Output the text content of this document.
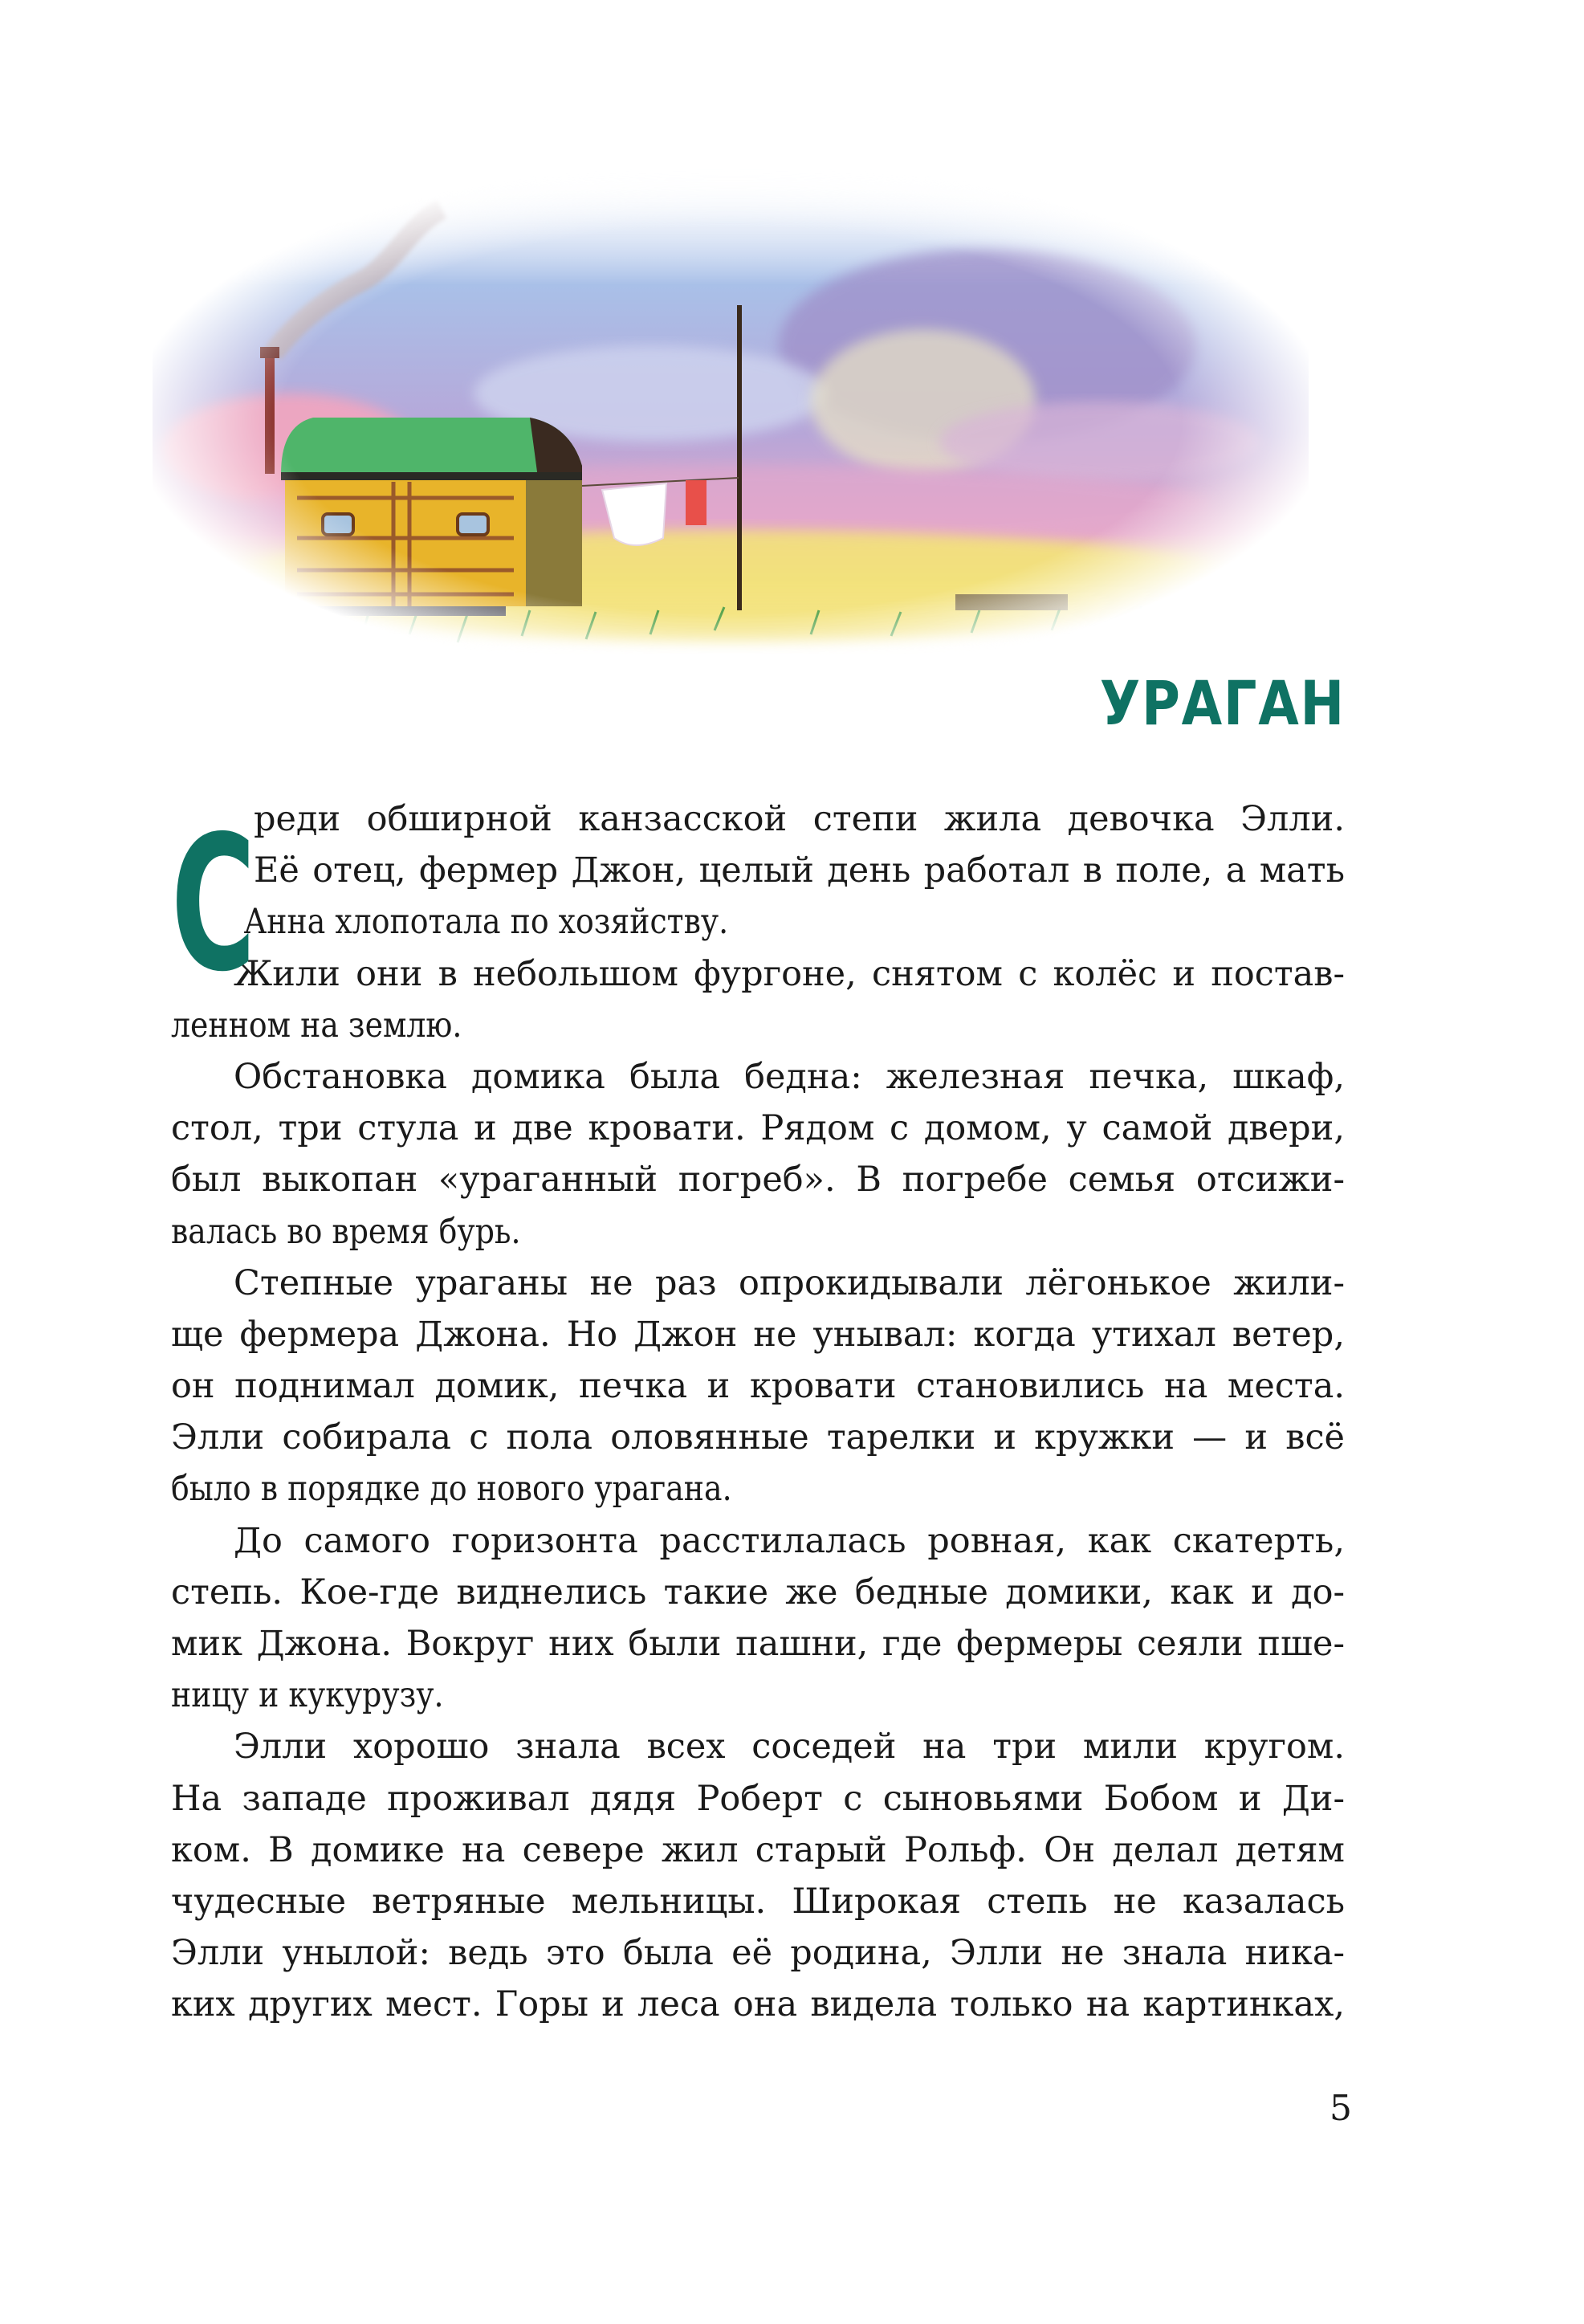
УРАГАН
С
реди обширной канзасской степи жила девочка Элли.
Её отец, фермер Джон, целый день работал в поле, а мать
Анна хлопотала по хозяйству.
Жили они в небольшом фургоне, снятом с колёс и постав-
ленном на землю.
Обстановка домика была бедна: железная печка, шкаф,
стол, три стула и две кровати. Рядом с домом, у самой двери,
был выкопан «ураганный погреб». В погребе семья отсижи-
валась во время бурь.
Степные ураганы не раз опрокидывали лёгонькое жили-
ще фермера Джона. Но Джон не унывал: когда утихал ветер,
он поднимал домик, печка и кровати становились на места.
Элли собирала с пола оловянные тарелки и кружки — и всё
было в порядке до нового урагана.
До самого горизонта расстилалась ровная, как скатерть,
степь. Кое-где виднелись такие же бедные домики, как и до-
мик Джона. Вокруг них были пашни, где фермеры сеяли пше-
ницу и кукурузу.
Элли хорошо знала всех соседей на три мили кругом.
На западе проживал дядя Роберт с сыновьями Бобом и Ди-
ком. В домике на севере жил старый Рольф. Он делал детям
чудесные ветряные мельницы. Широкая степь не казалась
Элли унылой: ведь это была её родина, Элли не знала ника-
ких других мест. Горы и леса она видела только на картинках,
5
